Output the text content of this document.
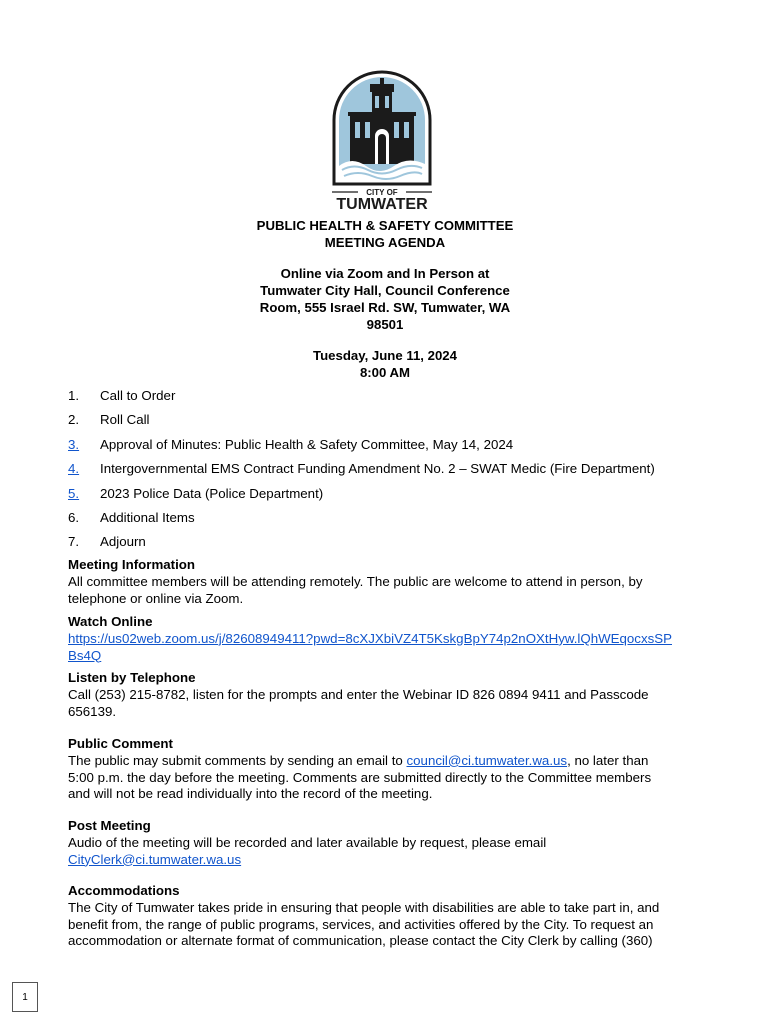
CITY OF
TUMWATER
PUBLIC HEALTH & SAFETY COMMITTEE
MEETING AGENDA
Online via Zoom and In Person at
Tumwater City Hall, Council Conference
Room, 555 Israel Rd. SW, Tumwater, WA
98501
Tuesday, June 11, 2024
8:00 AM
1. Call to Order
2. Roll Call
3. Approval of Minutes: Public Health & Safety Committee, May 14, 2024
4. Intergovernmental EMS Contract Funding Amendment No. 2 – SWAT Medic (Fire Department)
5. 2023 Police Data (Police Department)
6. Additional Items
7. Adjourn
Meeting Information

All committee members will be attending remotely. The public are welcome to attend in person, by

telephone or online via Zoom.

Watch Online

https://us02web.zoom.us/j/82608949411?pwd=8cXJXbiVZ4T5KskgBpY74p2nOXtHyw.lQhWEqocxsSP

Bs4Q

Listen by Telephone

Call (253) 215-8782, listen for the prompts and enter the Webinar ID 826 0894 9411 and Passcode

656139.

Public Comment

The public may submit comments by sending an email to council@ci.tumwater.wa.us, no later than

5:00 p.m. the day before the meeting. Comments are submitted directly to the Committee members

and will not be read individually into the record of the meeting.

Post Meeting

Audio of the meeting will be recorded and later available by request, please email

CityClerk@ci.tumwater.wa.us

Accommodations

The City of Tumwater takes pride in ensuring that people with disabilities are able to take part in, and

benefit from, the range of public programs, services, and activities offered by the City. To request an

accommodation or alternate format of communication, please contact the City Clerk by calling (360)

1
